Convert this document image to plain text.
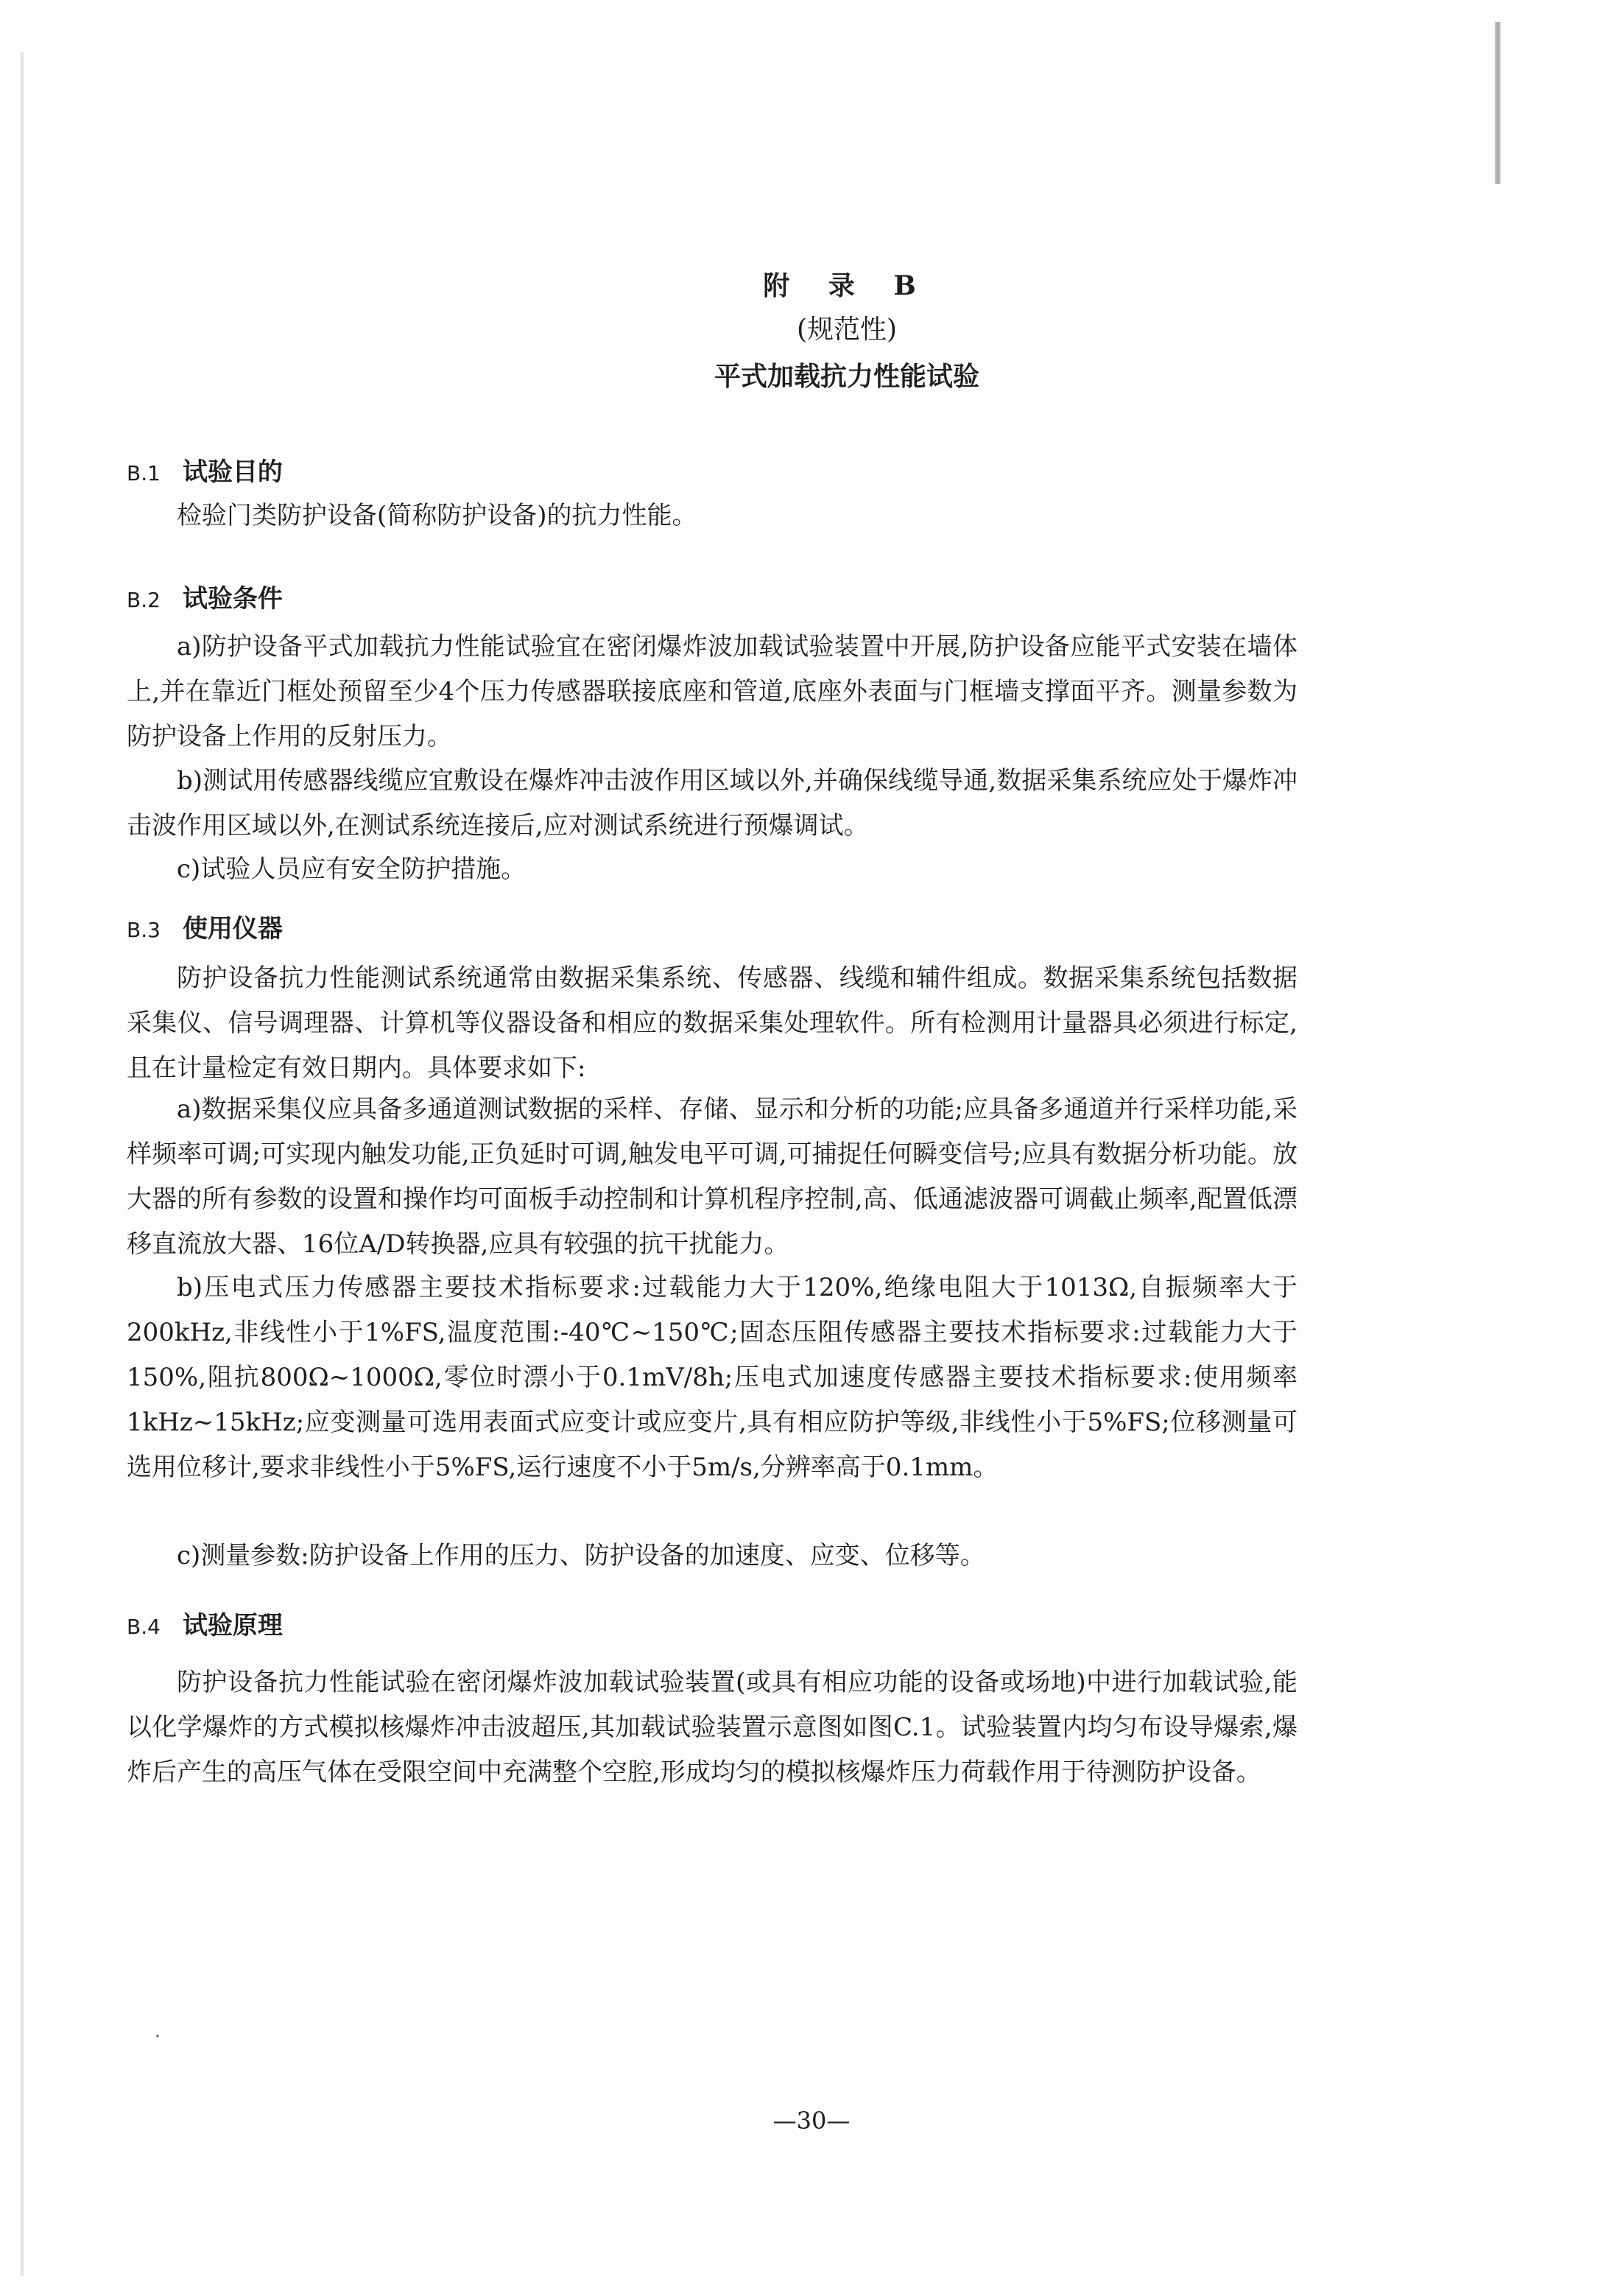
附 录 B
(规范性)
平式加载抗力性能试验
B.1 试验目的
检验门类防护设备(简称防护设备)的抗力性能。
B.2 试验条件
a)防护设备平式加载抗力性能试验宜在密闭爆炸波加载试验装置中开展,防护设备应能平式安装在墙体上,并在靠近门框处预留至少4个压力传感器联接底座和管道,底座外表面与门框墙支撑面平齐。测量参数为防护设备上作用的反射压力。
b)测试用传感器线缆应宜敷设在爆炸冲击波作用区域以外,并确保线缆导通,数据采集系统应处于爆炸冲击波作用区域以外,在测试系统连接后,应对测试系统进行预爆调试。
c)试验人员应有安全防护措施。
B.3 使用仪器
防护设备抗力性能测试系统通常由数据采集系统、传感器、线缆和辅件组成。数据采集系统包括数据采集仪、信号调理器、计算机等仪器设备和相应的数据采集处理软件。所有检测用计量器具必须进行标定,且在计量检定有效日期内。具体要求如下:
a)数据采集仪应具备多通道测试数据的采样、存储、显示和分析的功能;应具备多通道并行采样功能,采样频率可调;可实现内触发功能,正负延时可调,触发电平可调,可捕捉任何瞬变信号;应具有数据分析功能。放大器的所有参数的设置和操作均可面板手动控制和计算机程序控制,高、低通滤波器可调截止频率,配置低漂移直流放大器、16位A/D转换器,应具有较强的抗干扰能力。
b)压电式压力传感器主要技术指标要求:过载能力大于120%,绝缘电阻大于1013Ω,自振频率大于200kHz,非线性小于1%FS,温度范围:-40℃~150℃;固态压阻传感器主要技术指标要求:过载能力大于150%,阻抗800Ω~1000Ω,零位时漂小于0.1mV/8h;压电式加速度传感器主要技术指标要求:使用频率1kHz~15kHz;应变测量可选用表面式应变计或应变片,具有相应防护等级,非线性小于5%FS;位移测量可选用位移计,要求非线性小于5%FS,运行速度不小于5m/s,分辨率高于0.1mm。
c)测量参数:防护设备上作用的压力、防护设备的加速度、应变、位移等。
B.4 试验原理
防护设备抗力性能试验在密闭爆炸波加载试验装置(或具有相应功能的设备或场地)中进行加载试验,能以化学爆炸的方式模拟核爆炸冲击波超压,其加载试验装置示意图如图C.1。试验装置内均匀布设导爆索,爆炸后产生的高压气体在受限空间中充满整个空腔,形成均匀的模拟核爆炸压力荷载作用于待测防护设备。
—30—
